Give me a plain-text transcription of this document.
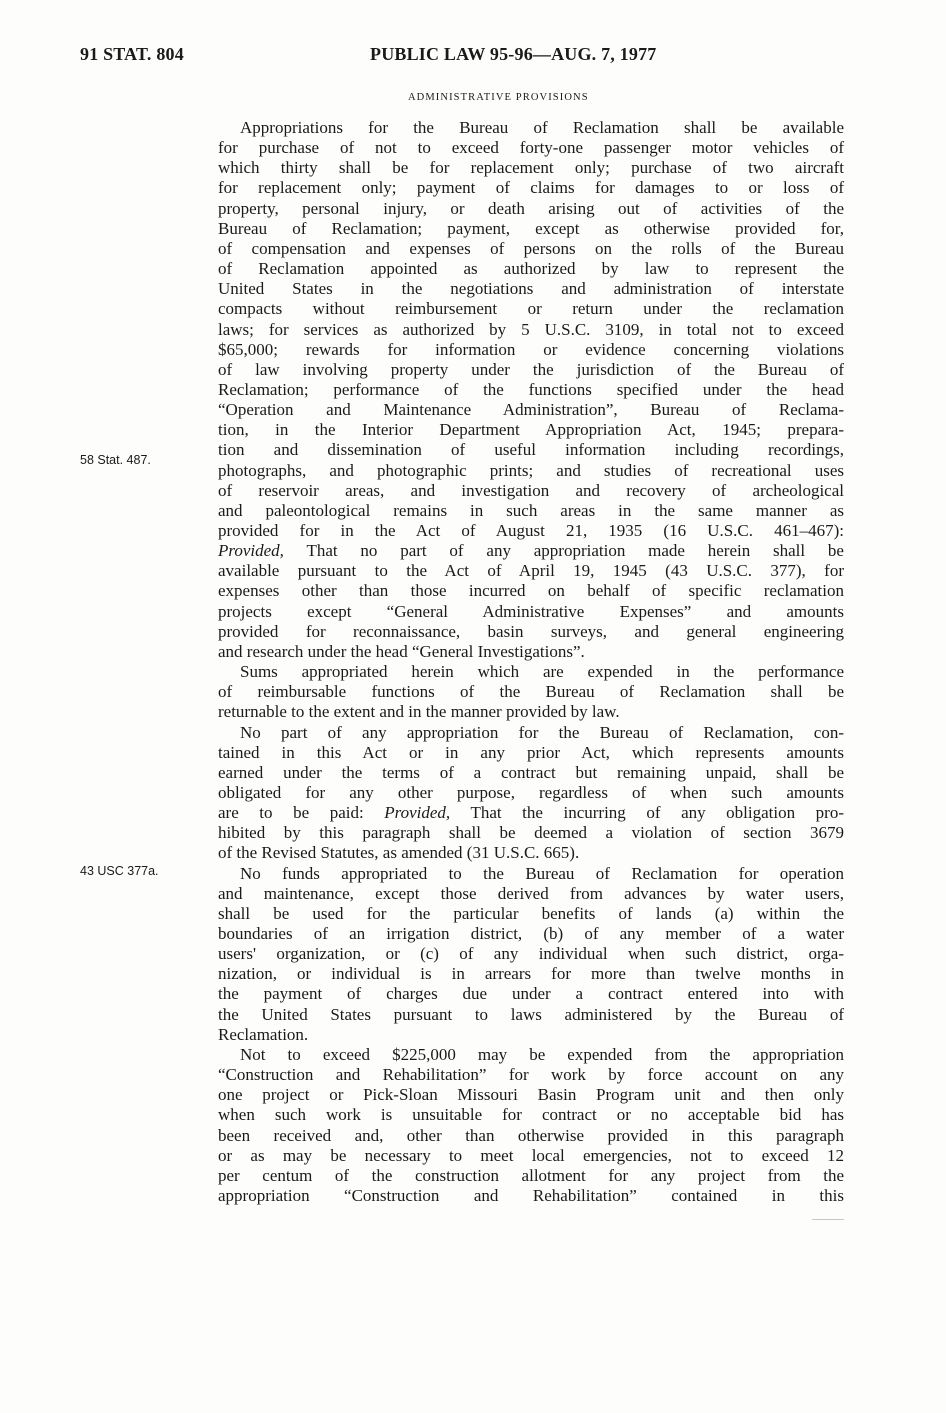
91 STAT. 804	PUBLIC LAW 95-96—AUG. 7, 1977
ADMINISTRATIVE PROVISIONS
58 Stat. 487.
43 USC 377a.
Appropriations for the Bureau of Reclamation shall be available
for purchase of not to exceed forty-one passenger motor vehicles of
which thirty shall be for replacement only; purchase of two aircraft
for replacement only; payment of claims for damages to or loss of
property, personal injury, or death arising out of activities of the
Bureau of Reclamation; payment, except as otherwise provided for,
of compensation and expenses of persons on the rolls of the Bureau
of Reclamation appointed as authorized by law to represent the
United States in the negotiations and administration of interstate
compacts without reimbursement or return under the reclamation
laws; for services as authorized by 5 U.S.C. 3109, in total not to exceed
$65,000; rewards for information or evidence concerning violations
of law involving property under the jurisdiction of the Bureau of
Reclamation; performance of the functions specified under the head
“Operation and Maintenance Administration”, Bureau of Reclama-
tion, in the Interior Department Appropriation Act, 1945; prepara-
tion and dissemination of useful information including recordings,
photographs, and photographic prints; and studies of recreational uses
of reservoir areas, and investigation and recovery of archeological
and paleontological remains in such areas in the same manner as
provided for in the Act of August 21, 1935 (16 U.S.C. 461–467):
Provided, That no part of any appropriation made herein shall be
available pursuant to the Act of April 19, 1945 (43 U.S.C. 377), for
expenses other than those incurred on behalf of specific reclamation
projects except “General Administrative Expenses” and amounts
provided for reconnaissance, basin surveys, and general engineering
and research under the head “General Investigations”.
Sums appropriated herein which are expended in the performance
of reimbursable functions of the Bureau of Reclamation shall be
returnable to the extent and in the manner provided by law.
No part of any appropriation for the Bureau of Reclamation, con-
tained in this Act or in any prior Act, which represents amounts
earned under the terms of a contract but remaining unpaid, shall be
obligated for any other purpose, regardless of when such amounts
are to be paid: Provided, That the incurring of any obligation pro-
hibited by this paragraph shall be deemed a violation of section 3679
of the Revised Statutes, as amended (31 U.S.C. 665).
No funds appropriated to the Bureau of Reclamation for operation
and maintenance, except those derived from advances by water users,
shall be used for the particular benefits of lands (a) within the
boundaries of an irrigation district, (b) of any member of a water
users' organization, or (c) of any individual when such district, orga-
nization, or individual is in arrears for more than twelve months in
the payment of charges due under a contract entered into with
the United States pursuant to laws administered by the Bureau of
Reclamation.
Not to exceed $225,000 may be expended from the appropriation
“Construction and Rehabilitation” for work by force account on any
one project or Pick-Sloan Missouri Basin Program unit and then only
when such work is unsuitable for contract or no acceptable bid has
been received and, other than otherwise provided in this paragraph
or as may be necessary to meet local emergencies, not to exceed 12
per centum of the construction allotment for any project from the
appropriation “Construction and Rehabilitation” contained in this
